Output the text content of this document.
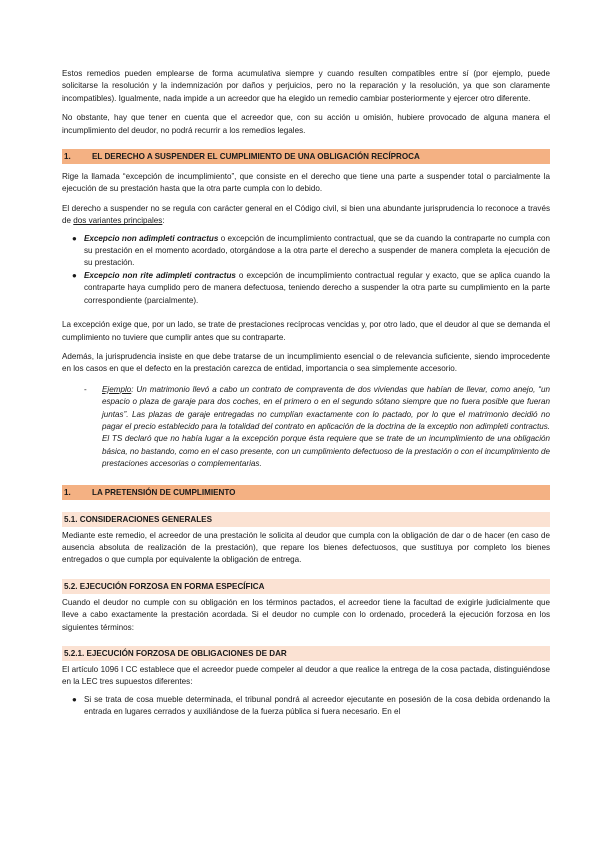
Estos remedios pueden emplearse de forma acumulativa siempre y cuando resulten compatibles entre sí (por ejemplo, puede solicitarse la resolución y la indemnización por daños y perjuicios, pero no la reparación y la resolución, ya que son claramente incompatibles). Igualmente, nada impide a un acreedor que ha elegido un remedio cambiar posteriormente y ejercer otro diferente.

No obstante, hay que tener en cuenta que el acreedor que, con su acción u omisión, hubiere provocado de alguna manera el incumplimiento del deudor, no podrá recurrir a los remedios legales.

1.	EL DERECHO A SUSPENDER EL CUMPLIMIENTO DE UNA OBLIGACIÓN RECÍPROCA

Rige la llamada “excepción de incumplimiento”, que consiste en el derecho que tiene una parte a suspender total o parcialmente la ejecución de su prestación hasta que la otra parte cumpla con lo debido.

El derecho a suspender no se regula con carácter general en el Código civil, si bien una abundante jurisprudencia lo reconoce a través de dos variantes principales:

● Excepcio non adimpleti contractus o excepción de incumplimiento contractual, que se da cuando la contraparte no cumpla con su prestación en el momento acordado, otorgándose a la otra parte el derecho a suspender de manera completa la ejecución de su prestación.
● Excepcio non rite adimpleti contractus o excepción de incumplimiento contractual regular y exacto, que se aplica cuando la contraparte haya cumplido pero de manera defectuosa, teniendo derecho a suspender la otra parte su cumplimiento en la parte correspondiente (parcialmente).

La excepción exige que, por un lado, se trate de prestaciones recíprocas vencidas y, por otro lado, que el deudor al que se demanda el cumplimiento no tuviere que cumplir antes que su contraparte.

Además, la jurisprudencia insiste en que debe tratarse de un incumplimiento esencial o de relevancia suficiente, siendo improcedente en los casos en que el defecto en la prestación carezca de entidad, importancia o sea simplemente accesorio.

- Ejemplo: Un matrimonio llevó a cabo un contrato de compraventa de dos viviendas que habían de llevar, como anejo, “un espacio o plaza de garaje para dos coches, en el primero o en el segundo sótano siempre que no fuera posible que fueran juntas”. Las plazas de garaje entregadas no cumplían exactamente con lo pactado, por lo que el matrimonio decidió no pagar el precio establecido para la totalidad del contrato en aplicación de la doctrina de la exceptio non adimpleti contractus. El TS declaró que no había lugar a la excepción porque ésta requiere que se trate de un incumplimiento de una obligación básica, no bastando, como en el caso presente, con un cumplimiento defectuoso de la prestación o con el incumplimiento de prestaciones accesorias o complementarias.

1.	LA PRETENSIÓN DE CUMPLIMIENTO
5.1. CONSIDERACIONES GENERALES

Mediante este remedio, el acreedor de una prestación le solicita al deudor que cumpla con la obligación de dar o de hacer (en caso de ausencia absoluta de realización de la prestación), que repare los bienes defectuosos, que sustituya por completo los bienes entregados o que cumpla por equivalente la obligación de entrega.

5.2. EJECUCIÓN FORZOSA EN FORMA ESPECÍFICA

Cuando el deudor no cumple con su obligación en los términos pactados, el acreedor tiene la facultad de exigirle judicialmente que lleve a cabo exactamente la prestación acordada. Si el deudor no cumple con lo ordenado, procederá la ejecución forzosa en los siguientes términos:

5.2.1. EJECUCIÓN FORZOSA DE OBLIGACIONES DE DAR

El artículo 1096 I CC establece que el acreedor puede compeler al deudor a que realice la entrega de la cosa pactada, distinguiéndose en la LEC tres supuestos diferentes:

● Si se trata de cosa mueble determinada, el tribunal pondrá al acreedor ejecutante en posesión de la cosa debida ordenando la entrada en lugares cerrados y auxiliándose de la fuerza pública si fuera necesario. En el
